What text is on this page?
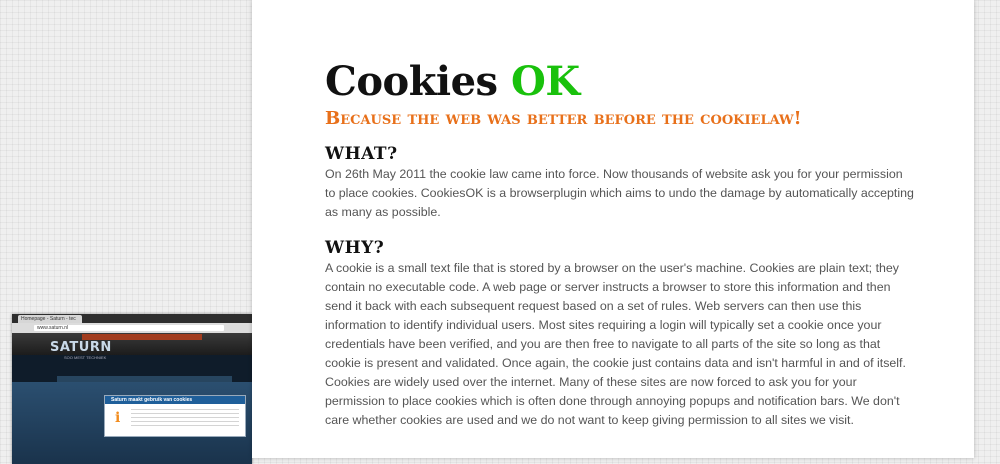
Homepage - Saturn - tec
www.saturn.nl
SATURN
SOO MEST TECHNIEK
Saturn maakt gebruik van cookies
i
Cookies OK
Because the web was better before the cookielaw!
WHAT?

On 26th May 2011 the cookie law came into force. Now thousands of website ask you for your permission to place cookies. CookiesOK is a browserplugin which aims to undo the damage by automatically accepting as many as possible.

WHY?

A cookie is a small text file that is stored by a browser on the user's machine. Cookies are plain text; they contain no executable code. A web page or server instructs a browser to store this information and then send it back with each subsequent request based on a set of rules. Web servers can then use this information to identify individual users. Most sites requiring a login will typically set a cookie once your credentials have been verified, and you are then free to navigate to all parts of the site so long as that cookie is present and validated. Once again, the cookie just contains data and isn't harmful in and of itself. Cookies are widely used over the internet. Many of these sites are now forced to ask you for your permission to place cookies which is often done through annoying popups and notification bars. We don't care whether cookies are used and we do not want to keep giving permission to all sites we visit.
